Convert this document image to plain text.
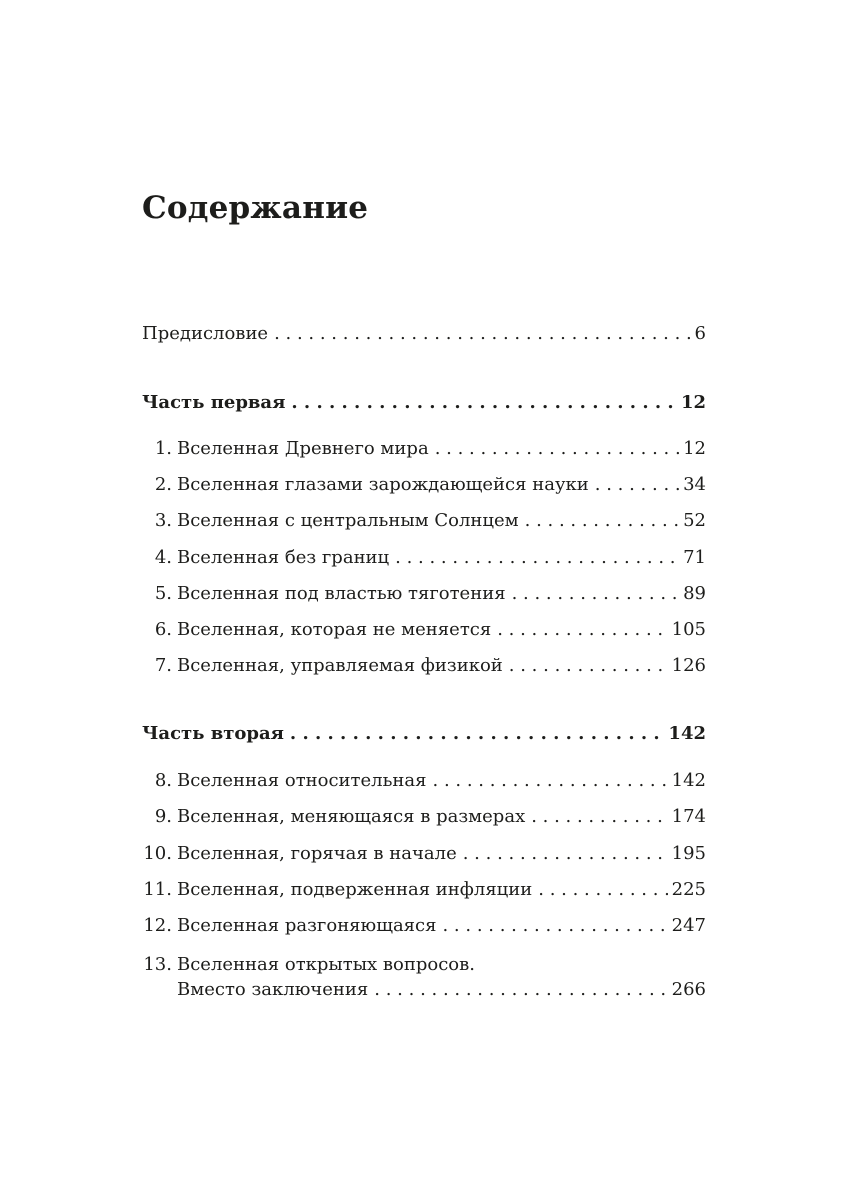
Содержание
Предисловие . . .	6
Часть первая . . .	12
1. Вселенная Древнего мира . . .	12
2. Вселенная глазами зарождающейся науки . . .	34
3. Вселенная с центральным Солнцем . . .	52
4. Вселенная без границ . . .	71
5. Вселенная под властью тяготения . . .	89
6. Вселенная, которая не меняется . . .	105
7. Вселенная, управляемая физикой . . .	126
Часть вторая . . .	142
8. Вселенная относительная . . .	142
9. Вселенная, меняющаяся в размерах . . .	174
10. Вселенная, горячая в начале . . .	195
11. Вселенная, подверженная инфляции . . .	225
12. Вселенная разгоняющаяся . . .	247
13. Вселенная открытых вопросов.
Вместо заключения . . .	266
